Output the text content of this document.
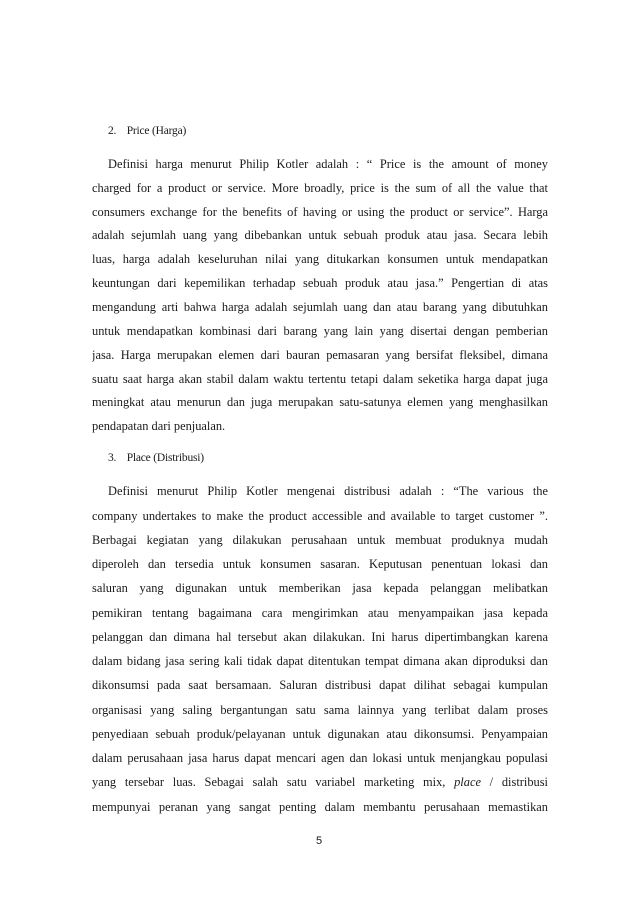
2. Price (Harga)
Definisi harga menurut Philip Kotler adalah : “ Price is the amount of money
charged for a product or service. More broadly, price is the sum of all the value that
consumers exchange for the benefits of having or using the product or service”. Harga
adalah sejumlah uang yang dibebankan untuk sebuah produk atau jasa. Secara lebih
luas, harga adalah keseluruhan nilai yang ditukarkan konsumen untuk mendapatkan
keuntungan dari kepemilikan terhadap sebuah produk atau jasa.” Pengertian di atas
mengandung arti bahwa harga adalah sejumlah uang dan atau barang yang dibutuhkan
untuk mendapatkan kombinasi dari barang yang lain yang disertai dengan pemberian
jasa. Harga merupakan elemen dari bauran pemasaran yang bersifat fleksibel, dimana
suatu saat harga akan stabil dalam waktu tertentu tetapi dalam seketika harga dapat juga
meningkat atau menurun dan juga merupakan satu-satunya elemen yang menghasilkan
pendapatan dari penjualan.
3. Place (Distribusi)
Definisi menurut Philip Kotler mengenai distribusi adalah : “The various the
company undertakes to make the product accessible and available to target customer ”.
Berbagai kegiatan yang dilakukan perusahaan untuk membuat produknya mudah
diperoleh dan tersedia untuk konsumen sasaran. Keputusan penentuan lokasi dan
saluran yang digunakan untuk memberikan jasa kepada pelanggan melibatkan
pemikiran tentang bagaimana cara mengirimkan atau menyampaikan jasa kepada
pelanggan dan dimana hal tersebut akan dilakukan. Ini harus dipertimbangkan karena
dalam bidang jasa sering kali tidak dapat ditentukan tempat dimana akan diproduksi dan
dikonsumsi pada saat bersamaan. Saluran distribusi dapat dilihat sebagai kumpulan
organisasi yang saling bergantungan satu sama lainnya yang terlibat dalam proses
penyediaan sebuah produk/pelayanan untuk digunakan atau dikonsumsi. Penyampaian
dalam perusahaan jasa harus dapat mencari agen dan lokasi untuk menjangkau populasi
yang tersebar luas. Sebagai salah satu variabel marketing mix, place / distribusi
mempunyai peranan yang sangat penting dalam membantu perusahaan memastikan
5
